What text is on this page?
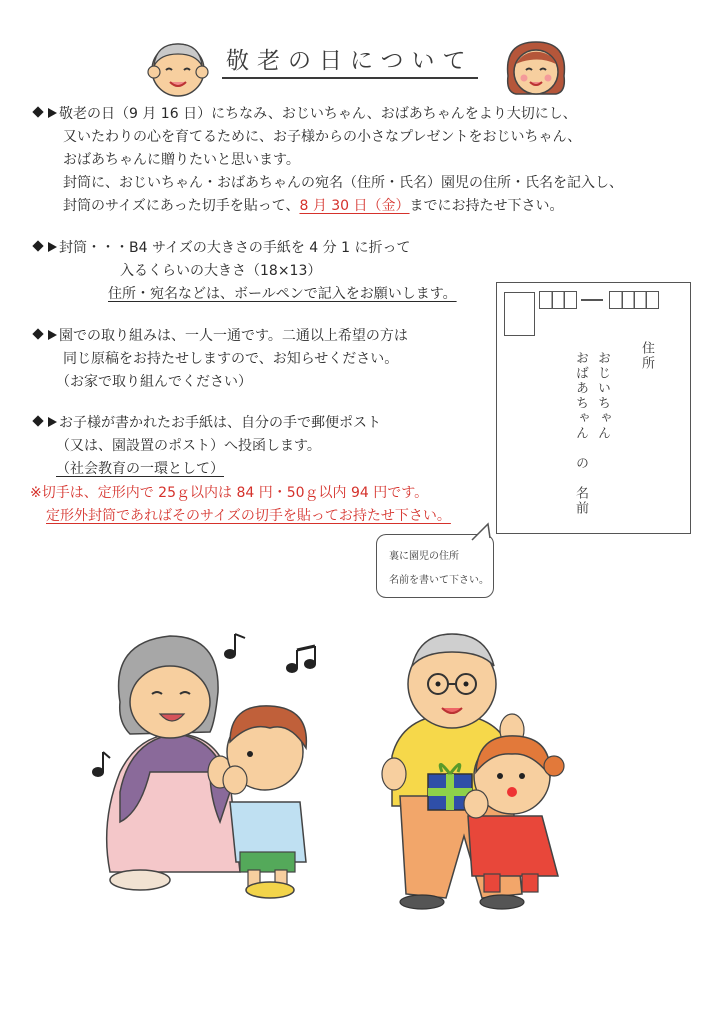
敬老の日について
敬老の日（9 月 16 日）にちなみ、おじいちゃん、おばあちゃんをより大切にし、
又いたわりの心を育てるために、お子様からの小さなプレゼントをおじいちゃん、
おばあちゃんに贈りたいと思います。
封筒に、おじいちゃん・おばあちゃんの宛名（住所・氏名）園児の住所・氏名を記入し、
封筒のサイズにあった切手を貼って、8 月 30 日（金）までにお持たせ下さい。
封筒・・・B4 サイズの大きさの手紙を 4 分 1 に折って
入るくらいの大きさ（18×13）
住所・宛名などは、ボールペンで記入をお願いします。
園での取り組みは、一人一通です。二通以上希望の方は
同じ原稿をお持たせしますので、お知らせください。
（お家で取り組んでください）
お子様が書かれたお手紙は、自分の手で郵便ポスト
（又は、園設置のポスト）へ投函します。
（社会教育の一環として）
※切手は、定形内で 25ｇ以内は 84 円・50ｇ以内 94 円です。
定形外封筒であればそのサイズの切手を貼ってお持たせ下さい。
住所
おじいちゃん
おばあちゃん　の　名前
裏に園児の住所
名前を書いて下さい。
